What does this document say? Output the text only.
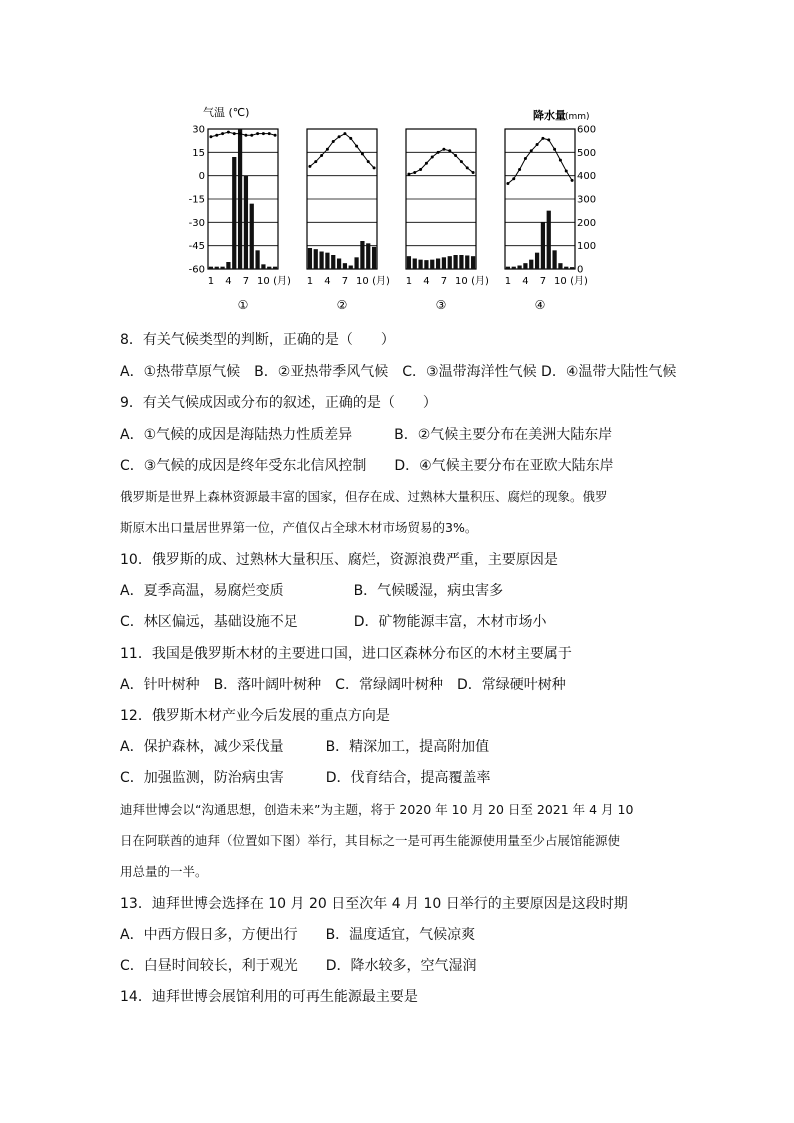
气温 (℃)	降水量 (mm)
30
15
0
-15
-30
-45
-60
600
500
400
300
200
100
0
1 4 7 10 (月)
①
1 4 7 10 (月)
②
1 4 7 10 (月)
③
1 4 7 10 (月)
④
8．有关气候类型的判断，正确的是（　　）
A．①热带草原气候　B．②亚热带季风气候　C．③温带海洋性气候 D．④温带大陆性气候
9．有关气候成因或分布的叙述，正确的是（　　）
A．①气候的成因是海陆热力性质差异　　　B．②气候主要分布在美洲大陆东岸
C．③气候的成因是终年受东北信风控制　　D．④气候主要分布在亚欧大陆东岸
俄罗斯是世界上森林资源最丰富的国家，但存在成、过熟林大量积压、腐烂的现象。俄罗
斯原木出口量居世界第一位，产值仅占全球木材市场贸易的3%。
10．俄罗斯的成、过熟林大量积压、腐烂，资源浪费严重，主要原因是
A．夏季高温，易腐烂变质　　　　　B．气候暖湿，病虫害多
C．林区偏远，基础设施不足　　　　D．矿物能源丰富，木材市场小
11．我国是俄罗斯木材的主要进口国，进口区森林分布区的木材主要属于
A．针叶树种　B．落叶阔叶树种　C．常绿阔叶树种　D．常绿硬叶树种
12．俄罗斯木材产业今后发展的重点方向是
A．保护森林，减少采伐量　　　B．精深加工，提高附加值
C．加强监测，防治病虫害　　　D．伐育结合，提高覆盖率
迪拜世博会以“沟通思想，创造未来”为主题，将于 2020 年 10 月 20 日至 2021 年 4 月 10
日在阿联酋的迪拜（位置如下图）举行，其目标之一是可再生能源使用量至少占展馆能源使
用总量的一半。
13．迪拜世博会选择在 10 月 20 日至次年 4 月 10 日举行的主要原因是这段时期
A．中西方假日多，方便出行　　B．温度适宜，气候凉爽
C．白昼时间较长，利于观光　　D．降水较多，空气湿润
14．迪拜世博会展馆利用的可再生能源最主要是
